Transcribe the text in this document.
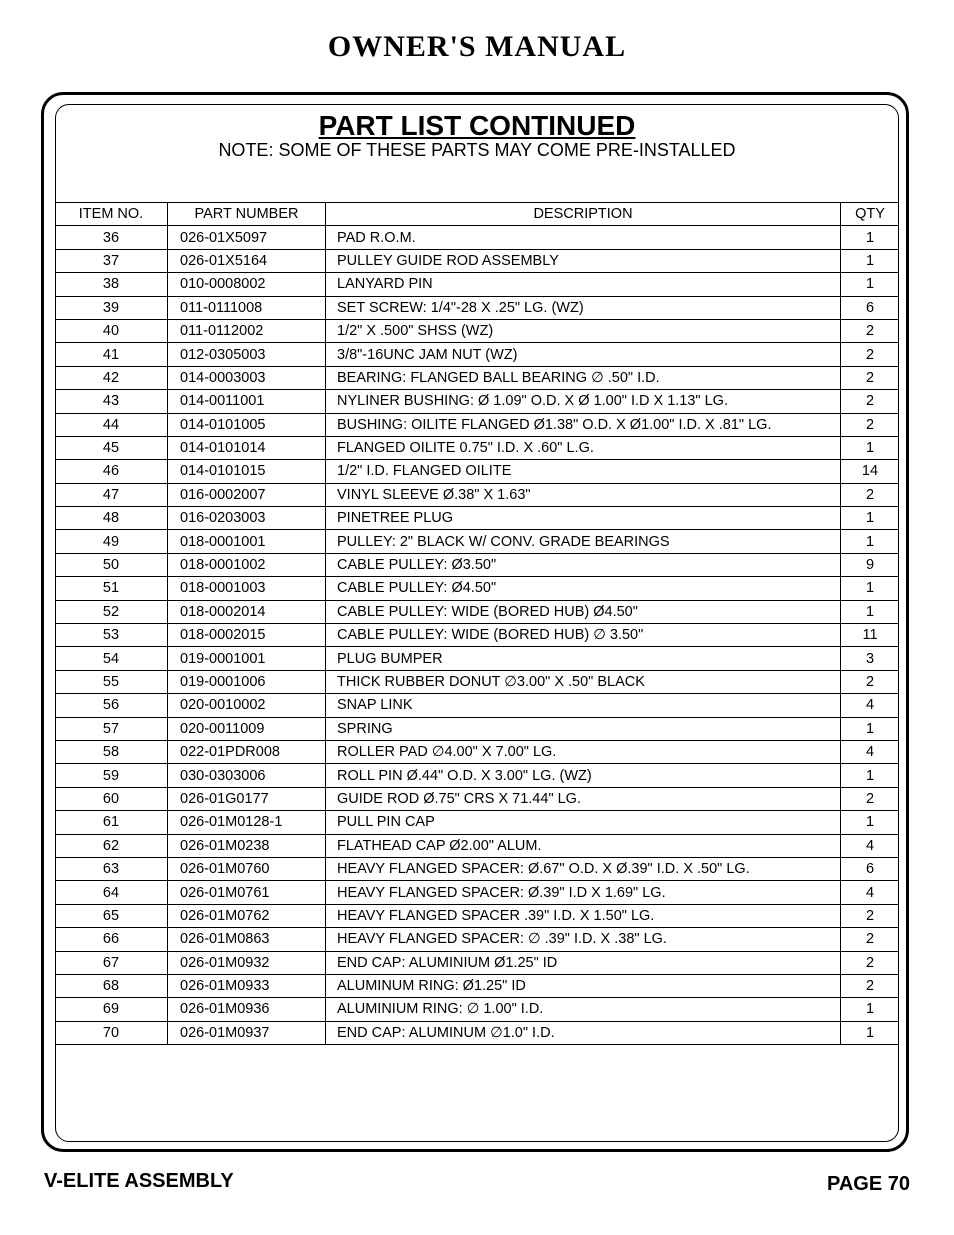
OWNER'S MANUAL
PART LIST CONTINUED
NOTE: SOME OF THESE PARTS MAY COME PRE-INSTALLED
ITEM NO.	PART NUMBER	DESCRIPTION	QTY
36	026-01X5097	PAD R.O.M.	1
37	026-01X5164	PULLEY GUIDE ROD ASSEMBLY	1
38	010-0008002	LANYARD PIN	1
39	011-0111008	SET SCREW: 1/4"-28 X .25" LG. (WZ)	6
40	011-0112002	1/2" X .500" SHSS (WZ)	2
41	012-0305003	3/8"-16UNC JAM NUT (WZ)	2
42	014-0003003	BEARING: FLANGED BALL BEARING ∅ .50" I.D.	2
43	014-0011001	NYLINER BUSHING: Ø 1.09" O.D. X Ø 1.00" I.D X 1.13" LG.	2
44	014-0101005	BUSHING: OILITE FLANGED Ø1.38" O.D. X Ø1.00" I.D. X .81" LG.	2
45	014-0101014	FLANGED OILITE 0.75" I.D. X .60" L.G.	1
46	014-0101015	1/2" I.D. FLANGED OILITE	14
47	016-0002007	VINYL SLEEVE Ø.38" X 1.63"	2
48	016-0203003	PINETREE PLUG	1
49	018-0001001	PULLEY: 2" BLACK W/ CONV. GRADE BEARINGS	1
50	018-0001002	CABLE PULLEY: Ø3.50"	9
51	018-0001003	CABLE PULLEY: Ø4.50"	1
52	018-0002014	CABLE PULLEY: WIDE (BORED HUB) Ø4.50"	1
53	018-0002015	CABLE PULLEY: WIDE (BORED HUB) ∅ 3.50"	11
54	019-0001001	PLUG BUMPER	3
55	019-0001006	THICK RUBBER DONUT ∅3.00" X .50" BLACK	2
56	020-0010002	SNAP LINK	4
57	020-0011009	SPRING	1
58	022-01PDR008	ROLLER PAD ∅4.00" X 7.00" LG.	4
59	030-0303006	ROLL PIN Ø.44" O.D. X 3.00" LG. (WZ)	1
60	026-01G0177	GUIDE ROD Ø.75" CRS X 71.44" LG.	2
61	026-01M0128-1	PULL PIN CAP	1
62	026-01M0238	FLATHEAD CAP Ø2.00" ALUM.	4
63	026-01M0760	HEAVY FLANGED SPACER: Ø.67" O.D. X Ø.39" I.D. X .50" LG.	6
64	026-01M0761	HEAVY FLANGED SPACER: Ø.39" I.D X 1.69" LG.	4
65	026-01M0762	HEAVY FLANGED SPACER .39" I.D. X 1.50" LG.	2
66	026-01M0863	HEAVY FLANGED SPACER: ∅ .39" I.D. X .38" LG.	2
67	026-01M0932	END CAP: ALUMINIUM Ø1.25" ID	2
68	026-01M0933	ALUMINUM RING: Ø1.25" ID	2
69	026-01M0936	ALUMINIUM RING: ∅ 1.00" I.D.	1
70	026-01M0937	END CAP: ALUMINUM ∅1.0" I.D.	1
V-ELITE ASSEMBLY	PAGE 70
